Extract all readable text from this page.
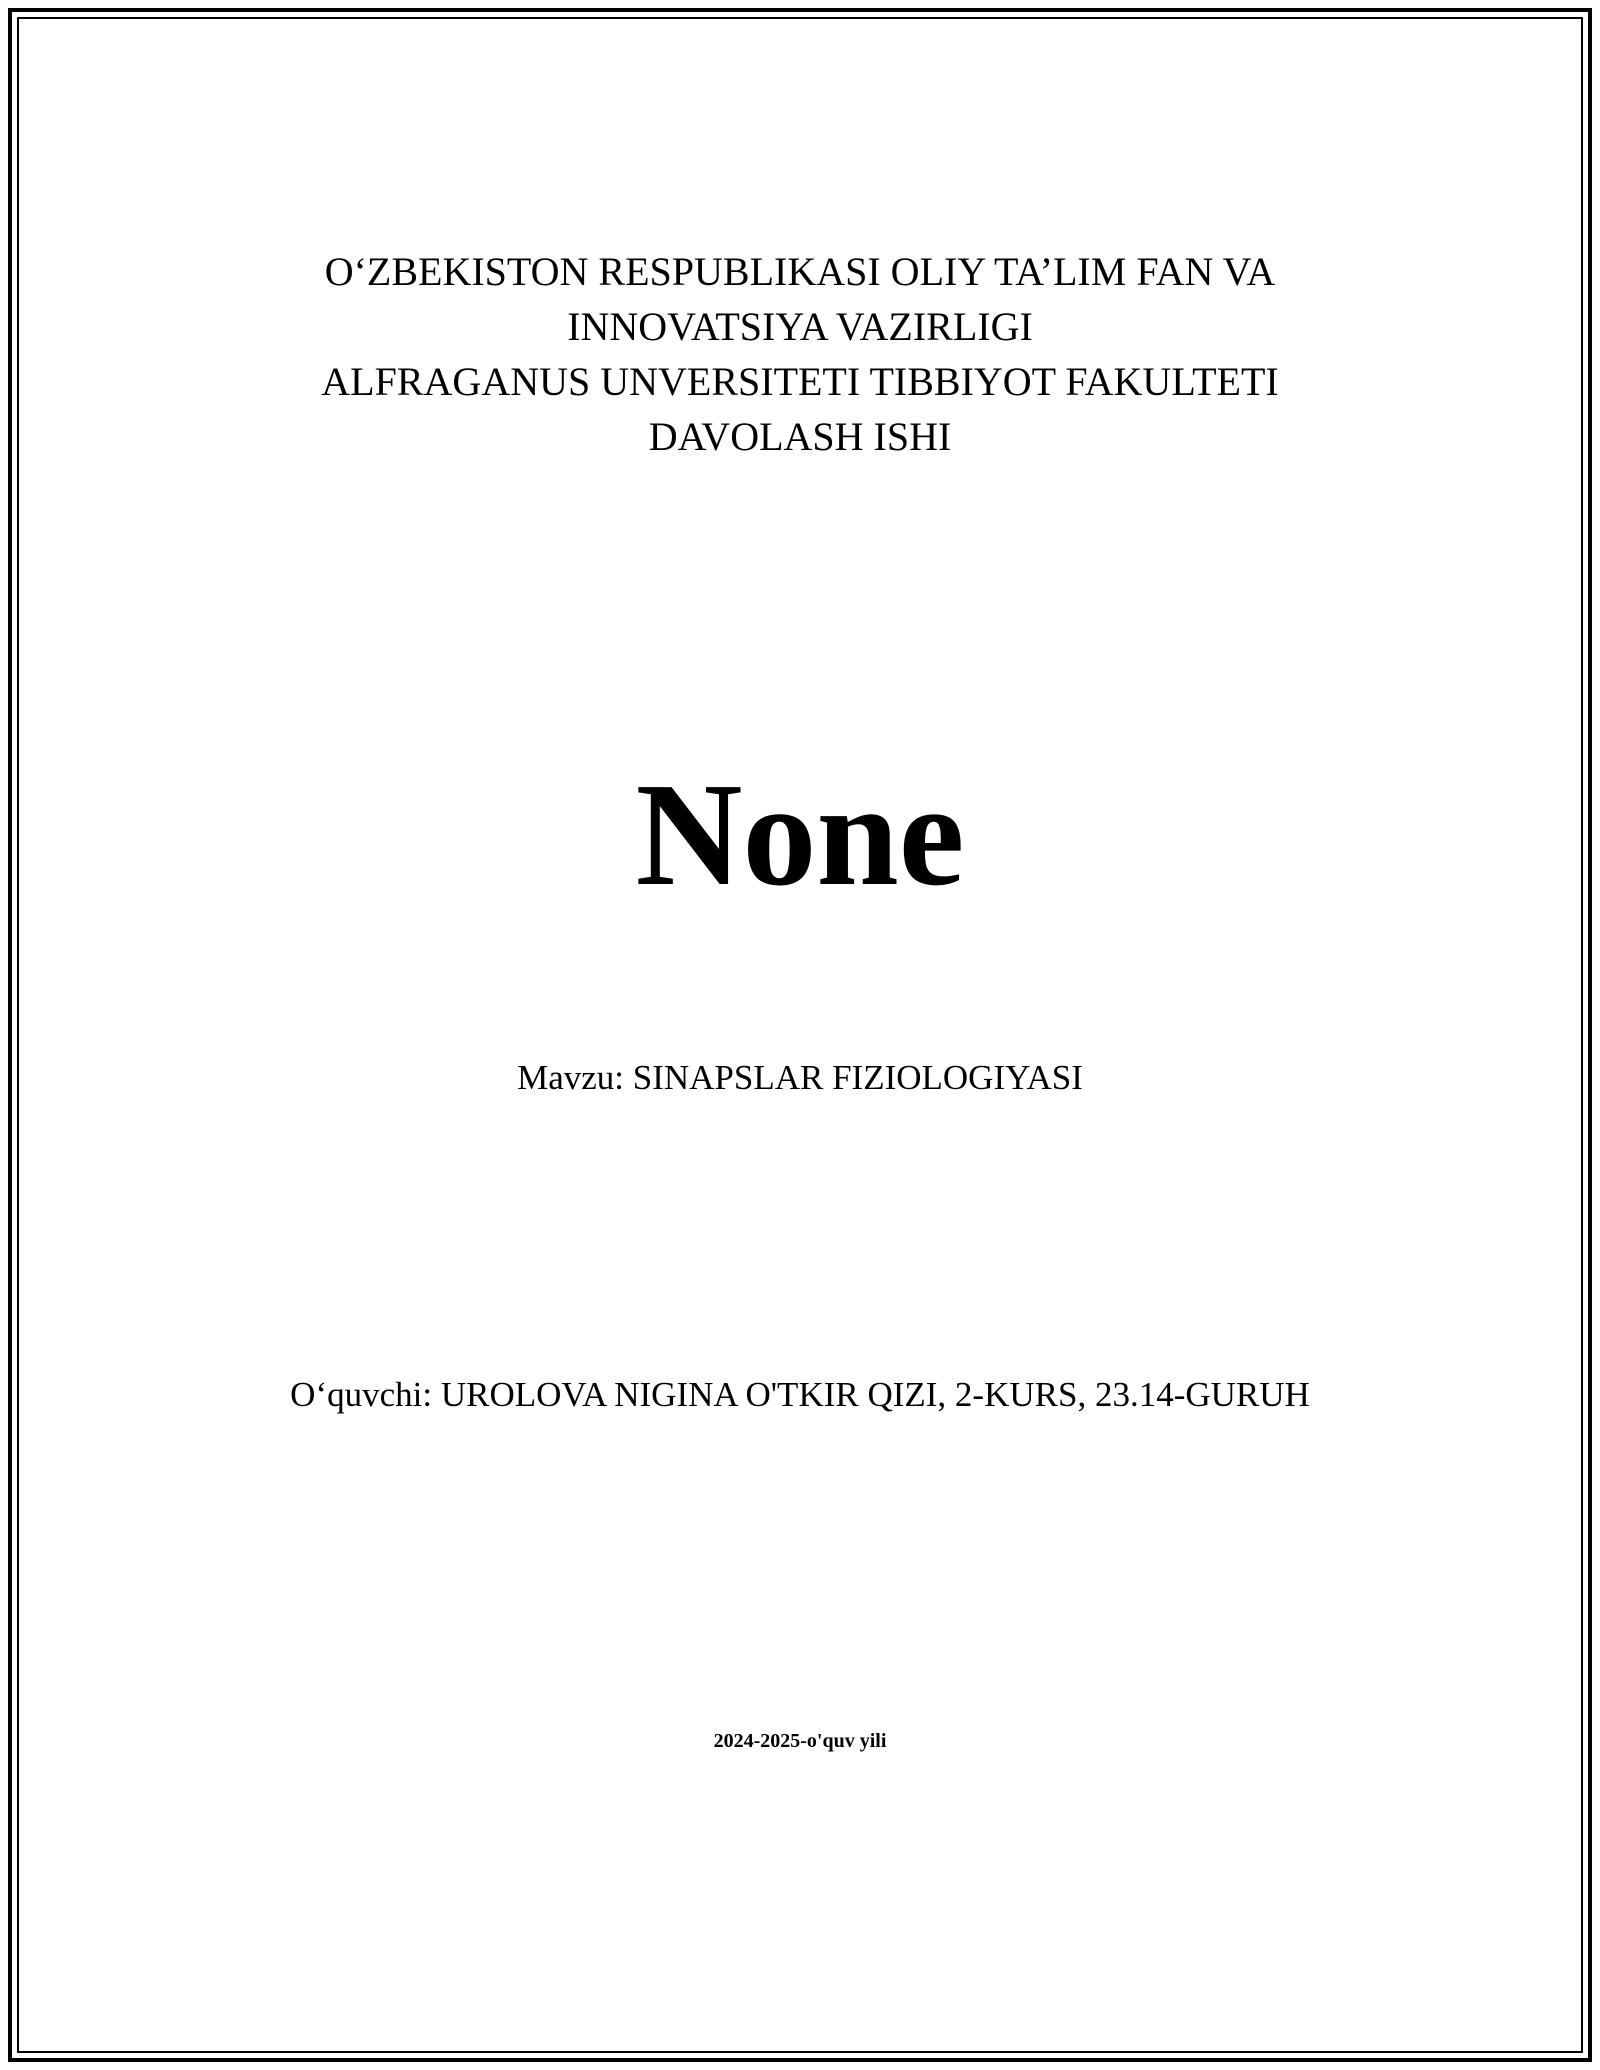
O‘ZBEKISTON RESPUBLIKASI OLIY TA’LIM FAN VA
INNOVATSIYA VAZIRLIGI
ALFRAGANUS UNVERSITETI TIBBIYOT FAKULTETI
DAVOLASH ISHI
None

Mavzu: SINAPSLAR FIZIOLOGIYASI

O‘quvchi: UROLOVA NIGINA O'TKIR QIZI, 2-KURS, 23.14-GURUH

2024-2025-o'quv yili
